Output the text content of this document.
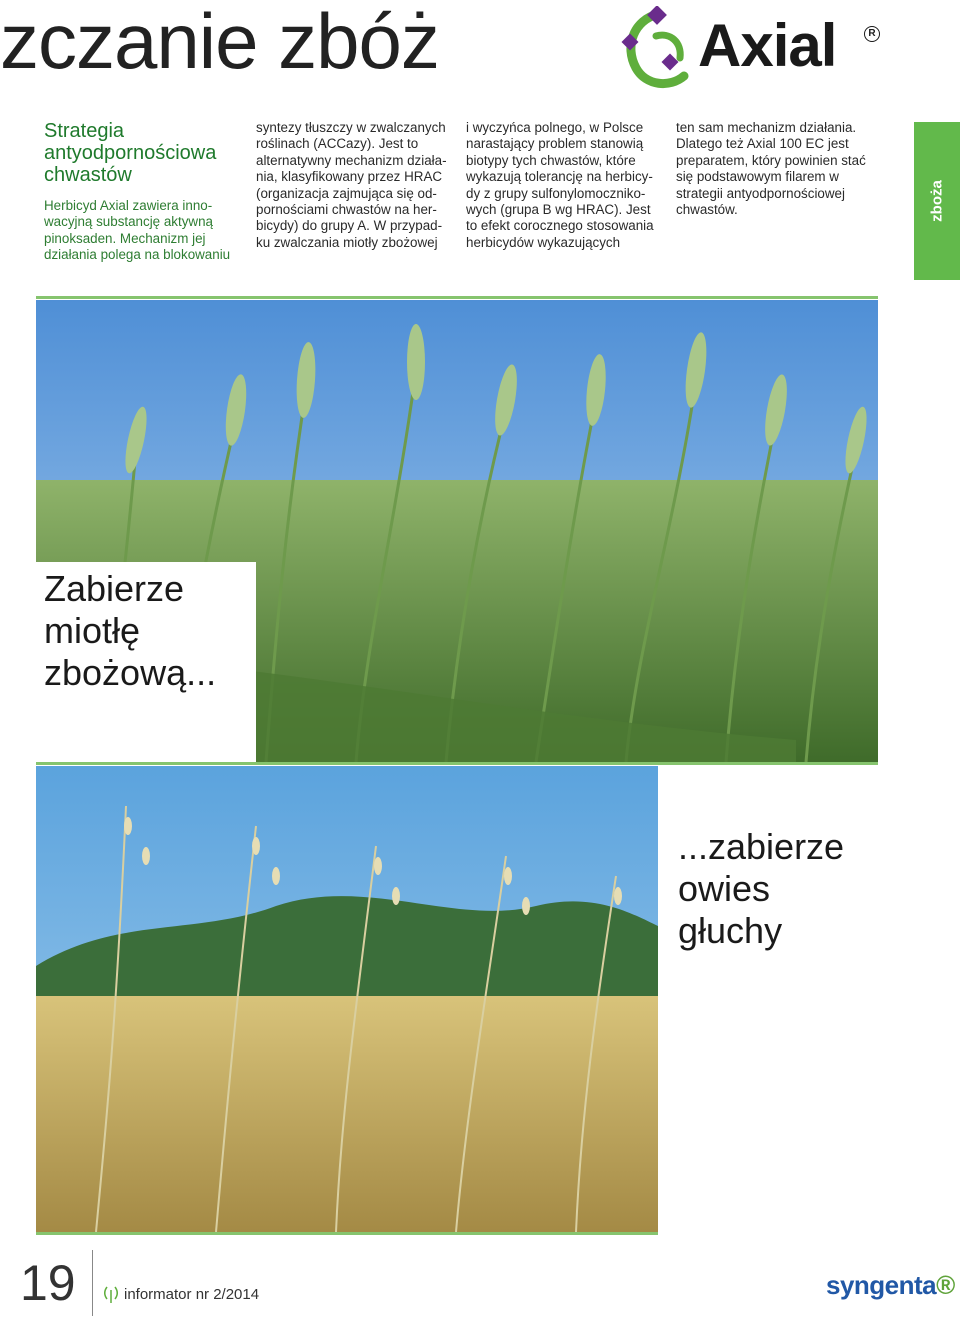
zczanie zbóż	Axial	R
zboża
Strategia antyodpornościowa chwastów
Herbicyd Axial zawiera innowacyjną substancję aktywną pinoksaden. Mechanizm jej działania polega na blokowaniu
syntezy tłuszczy w zwalczanych roślinach (ACCazy). Jest to alternatywny mechanizm działania, klasyfikowany przez HRAC (organizacja zajmująca się odpornościami chwastów na herbicydy) do grupy A. W przypadku zwalczania miotły zbożowej
i wyczyńca polnego, w Polsce narastający problem stanowią biotypy tych chwastów, które wykazują tolerancję na herbicydy z grupy sulfonylomocznikowych (grupa B wg HRAC). Jest to efekt corocznego stosowania herbicydów wykazujących
ten sam mechanizm działania. Dlatego też Axial 100 EC jest preparatem, który powinien stać się podstawowym filarem w strategii antyodpornościowej chwastów.
Zabierze miotłę zbożową...
...zabierze owies głuchy
19	informator nr 2/2014	syngenta®
